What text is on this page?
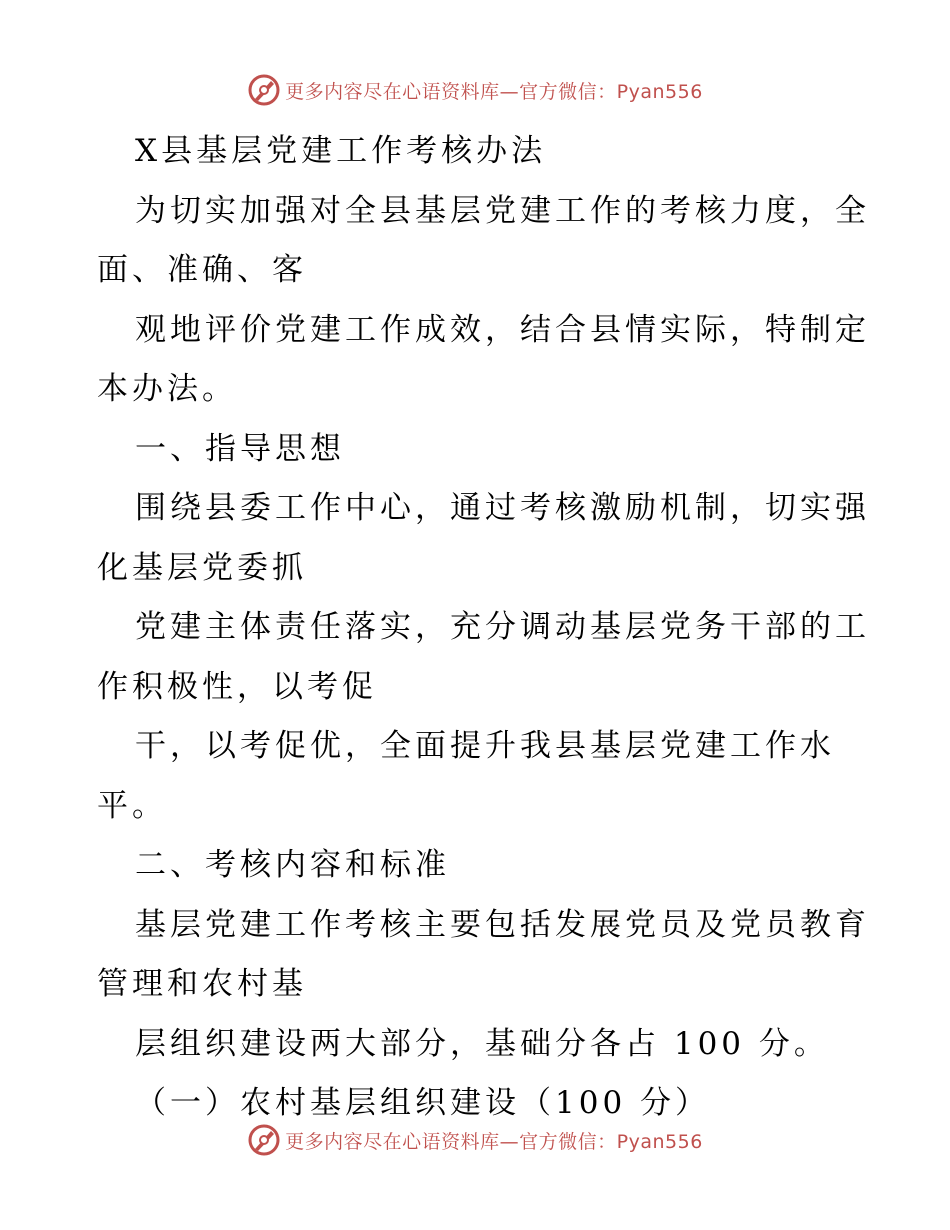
更多内容尽在心语资料库—官方微信：Pyan556
X县基层党建工作考核办法
为切实加强对全县基层党建工作的考核力度，全
面、准确、客
观地评价党建工作成效，结合县情实际，特制定
本办法。
一、指导思想
围绕县委工作中心，通过考核激励机制，切实强
化基层党委抓
党建主体责任落实，充分调动基层党务干部的工
作积极性，以考促
干，以考促优，全面提升我县基层党建工作水
平。
二、考核内容和标准
基层党建工作考核主要包括发展党员及党员教育
管理和农村基
层组织建设两大部分，基础分各占 100 分。
（一）农村基层组织建设（100 分）
更多内容尽在心语资料库—官方微信：Pyan556
